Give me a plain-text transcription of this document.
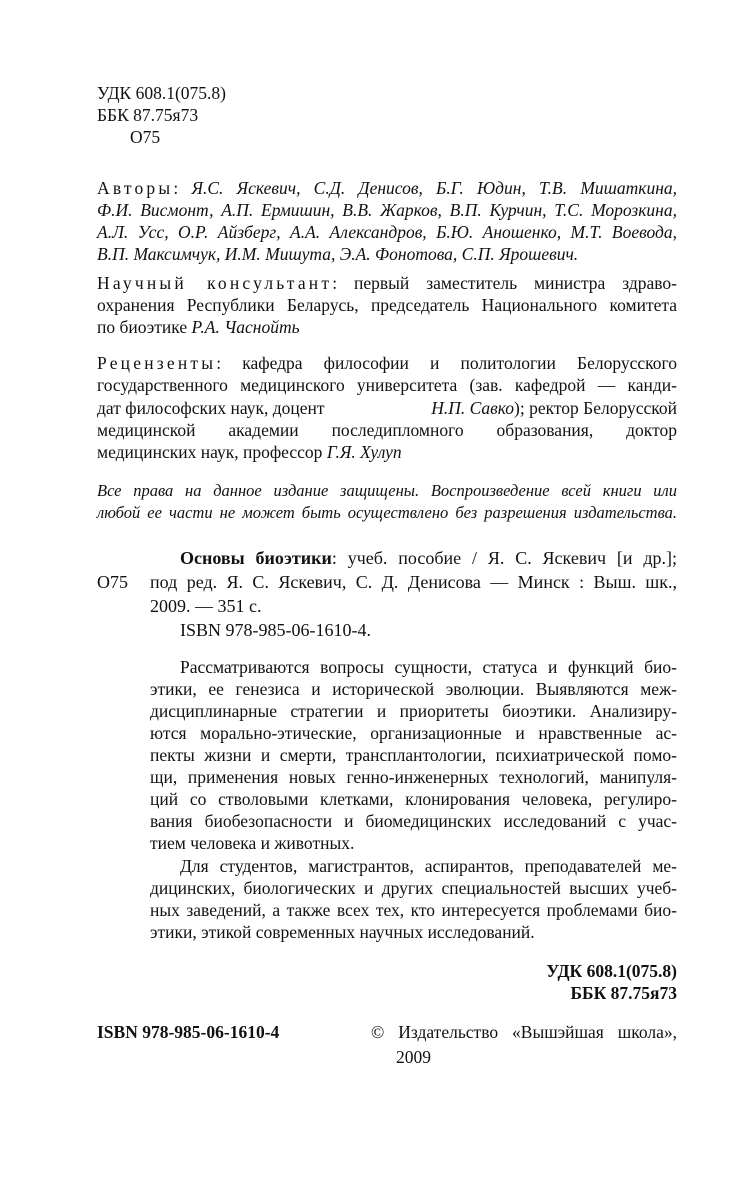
УДК 608.1(075.8)
ББК 87.75я73
О75
Авторы: Я.С. Яскевич, С.Д. Денисов, Б.Г. Юдин, Т.В. Мишаткина,
Ф.И. Висмонт, А.П. Ермишин, В.В. Жарков, В.П. Курчин, Т.С. Морозкина,
А.Л. Усс, О.Р. Айзберг, А.А. Александров, Б.Ю. Аношенко, М.Т. Воевода,
В.П. Максимчук, И.М. Мишута, Э.А. Фонотова, С.П. Ярошевич.
Научный консультант: первый заместитель министра здраво-
охранения Республики Беларусь, председатель Национального комитета
по биоэтике Р.А. Часнойть
Рецензенты: кафедра философии и политологии Белорусского
государственного медицинского университета (зав. кафедрой — канди-
дат философских наук, доцент	Н.П. Савко); ректор Белорусской
медицинской академии последипломного образования, доктор
медицинских наук, профессор Г.Я. Хулуп
Все права на данное издание защищены. Воспроизведение всей книги или
любой ее части не может быть осуществлено без разрешения издательства.
О75
Основы биоэтики: учеб. пособие / Я. С. Яскевич [и др.];
под ред. Я. С. Яскевич, С. Д. Денисова — Минск : Выш. шк.,
2009. — 351 с.
ISBN 978-985-06-1610-4.
Рассматриваются вопросы сущности, статуса и функций био-
этики, ее генезиса и исторической эволюции. Выявляются меж-
дисциплинарные стратегии и приоритеты биоэтики. Анализиру-
ются морально-этические, организационные и нравственные ас-
пекты жизни и смерти, трансплантологии, психиатрической помо-
щи, применения новых генно-инженерных технологий, манипуля-
ций со стволовыми клетками, клонирования человека, регулиро-
вания биобезопасности и биомедицинских исследований с учас-
тием человека и животных.
Для студентов, магистрантов, аспирантов, преподавателей ме-
дицинских, биологических и других специальностей высших учеб-
ных заведений, а также всех тех, кто интересуется проблемами био-
этики, этикой современных научных исследований.
УДК 608.1(075.8)
ББК 87.75я73
ISBN 978-985-06-1610-4	© Издательство «Вышэйшая школа»,
2009
